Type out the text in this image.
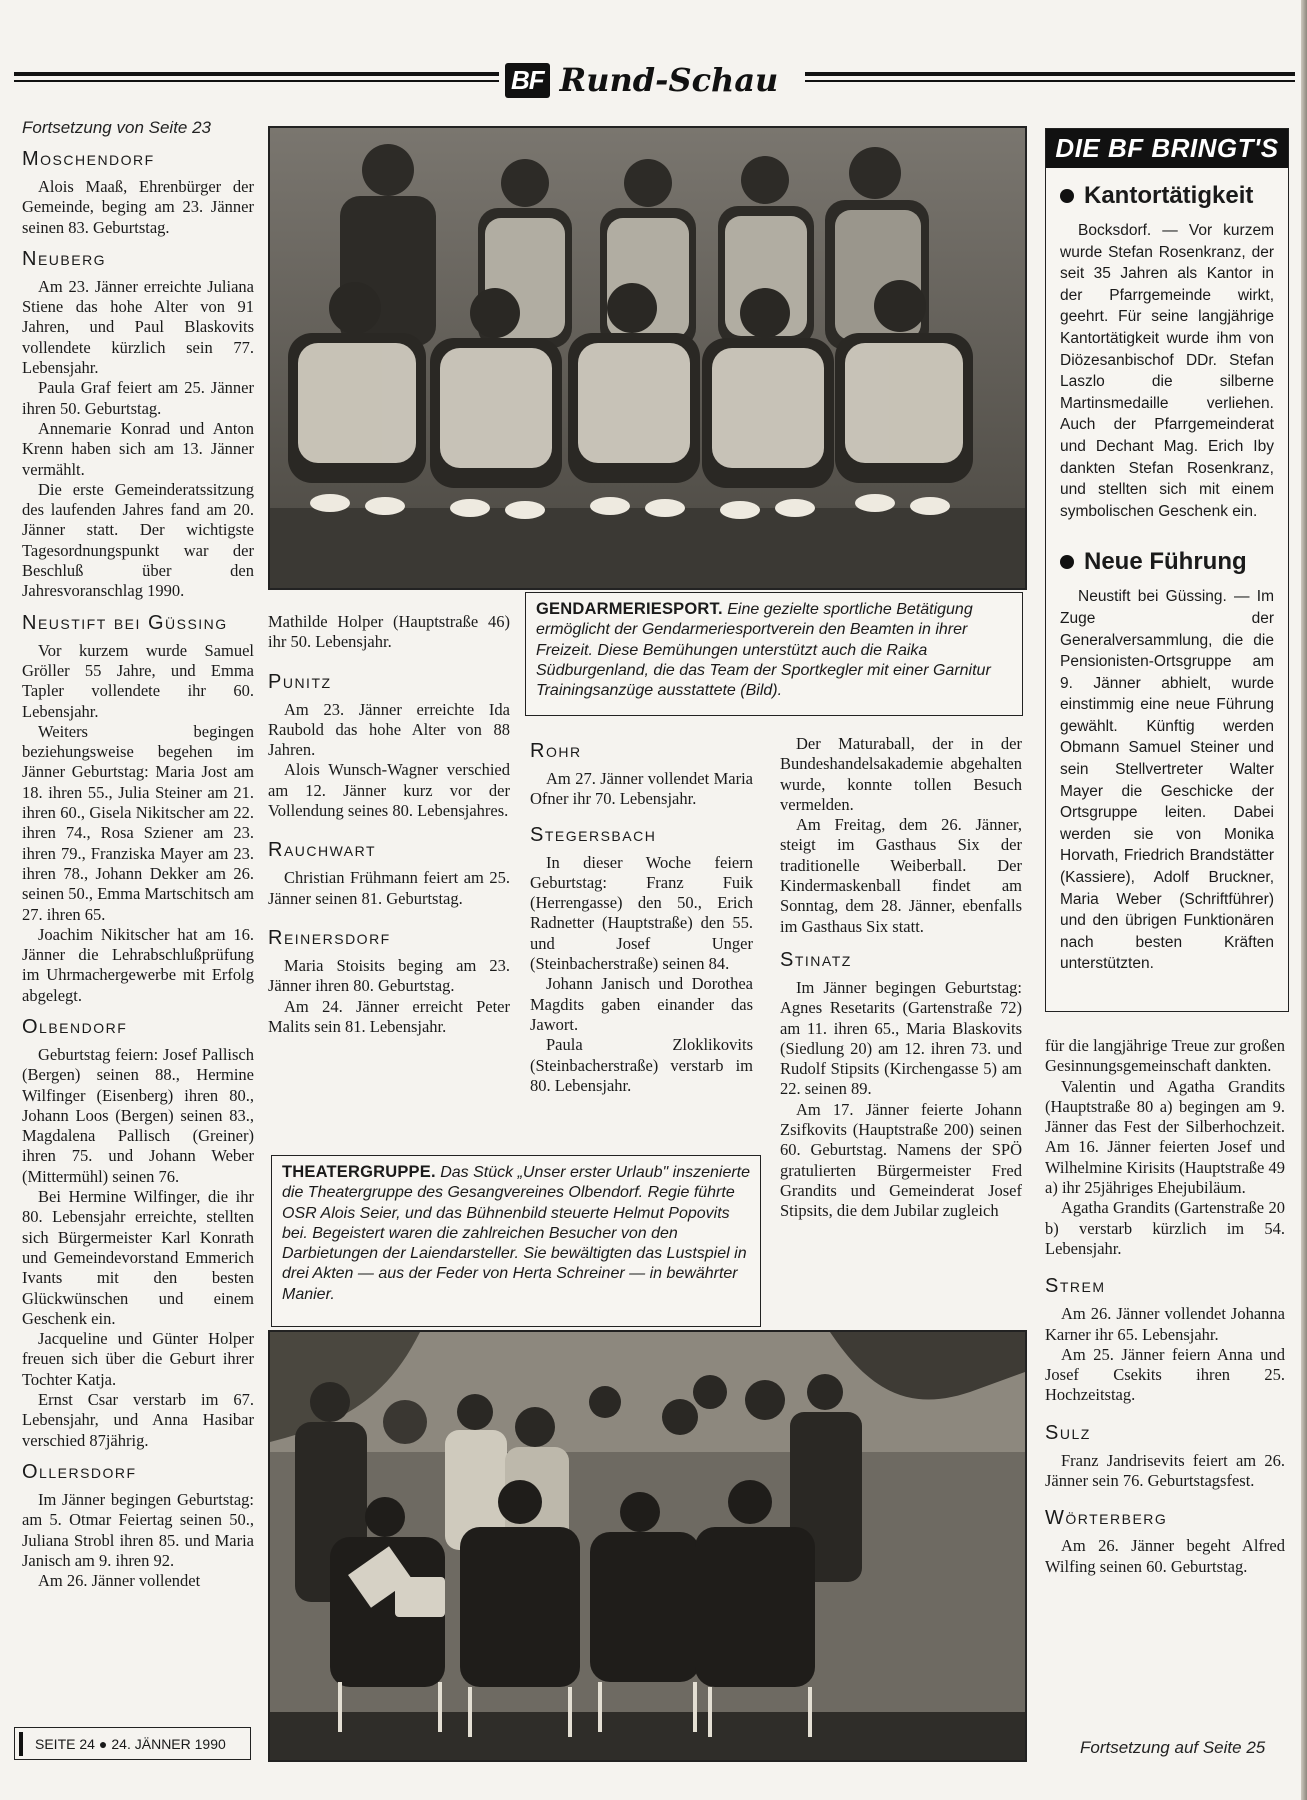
BF Rund-Schau
Fortsetzung von Seite 23
Moschendorf

Alois Maaß, Ehrenbürger der Gemeinde, beging am 23. Jänner seinen 83. Geburtstag.

Neuberg

Am 23. Jänner erreichte Juliana Stiene das hohe Alter von 91 Jahren, und Paul Blaskovits vollendete kürzlich sein 77. Lebensjahr.

Paula Graf feiert am 25. Jänner ihren 50. Geburtstag.

Annemarie Konrad und Anton Krenn haben sich am 13. Jänner vermählt.

Die erste Gemeinderatssitzung des laufenden Jahres fand am 20. Jänner statt. Der wichtigste Tagesordnungspunkt war der Beschluß über den Jahresvoranschlag 1990.

Neustift bei Güssing

Vor kurzem wurde Samuel Gröller 55 Jahre, und Emma Tapler vollendete ihr 60. Lebensjahr.

Weiters begingen beziehungsweise begehen im Jänner Geburtstag: Maria Jost am 18. ihren 55., Julia Steiner am 21. ihren 60., Gisela Nikitscher am 22. ihren 74., Rosa Sziener am 23. ihren 79., Franziska Mayer am 23. ihren 78., Johann Dekker am 26. seinen 50., Emma Martschitsch am 27. ihren 65.

Joachim Nikitscher hat am 16. Jänner die Lehrabschlußprüfung im Uhrmachergewerbe mit Erfolg abgelegt.

Olbendorf

Geburtstag feiern: Josef Pallisch (Bergen) seinen 88., Hermine Wilfinger (Eisenberg) ihren 80., Johann Loos (Bergen) seinen 83., Magdalena Pallisch (Greiner) ihren 75. und Johann Weber (Mittermühl) seinen 76.

Bei Hermine Wilfinger, die ihr 80. Lebensjahr erreichte, stellten sich Bürgermeister Karl Konrath und Gemeindevorstand Emmerich Ivants mit den besten Glückwünschen und einem Geschenk ein.

Jacqueline und Günter Holper freuen sich über die Geburt ihrer Tochter Katja.

Ernst Csar verstarb im 67. Lebensjahr, und Anna Hasibar verschied 87jährig.

Ollersdorf

Im Jänner begingen Geburtstag: am 5. Otmar Feiertag seinen 50., Juliana Strobl ihren 85. und Maria Janisch am 9. ihren 92.

Am 26. Jänner vollendet

Mathilde Holper (Hauptstraße 46) ihr 50. Lebensjahr.

Punitz

Am 23. Jänner erreichte Ida Raubold das hohe Alter von 88 Jahren.

Alois Wunsch-Wagner verschied am 12. Jänner kurz vor der Vollendung seines 80. Lebensjahres.

Rauchwart

Christian Frühmann feiert am 25. Jänner seinen 81. Geburtstag.

Reinersdorf

Maria Stoisits beging am 23. Jänner ihren 80. Geburtstag.

Am 24. Jänner erreicht Peter Malits sein 81. Lebensjahr.

GENDARMERIESPORT. Eine gezielte sportliche Betätigung ermöglicht der Gendarmeriesportverein den Beamten in ihrer Freizeit. Diese Bemühungen unterstützt auch die Raika Südburgenland, die das Team der Sportkegler mit einer Garnitur Trainingsanzüge ausstattete (Bild).
Rohr

Am 27. Jänner vollendet Maria Ofner ihr 70. Lebensjahr.

Stegersbach

In dieser Woche feiern Geburtstag: Franz Fuik (Herrengasse) den 50., Erich Radnetter (Hauptstraße) den 55. und Josef Unger (Steinbacherstraße) seinen 84.

Johann Janisch und Dorothea Magdits gaben einander das Jawort.

Paula Zloklikovits (Steinbacherstraße) verstarb im 80. Lebensjahr.

Der Maturaball, der in der Bundeshandelsakademie abgehalten wurde, konnte tollen Besuch vermelden.

Am Freitag, dem 26. Jänner, steigt im Gasthaus Six der traditionelle Weiberball. Der Kindermaskenball findet am Sonntag, dem 28. Jänner, ebenfalls im Gasthaus Six statt.

Stinatz

Im Jänner begingen Geburtstag: Agnes Resetarits (Gartenstraße 72) am 11. ihren 65., Maria Blaskovits (Siedlung 20) am 12. ihren 73. und Rudolf Stipsits (Kirchengasse 5) am 22. seinen 89.

Am 17. Jänner feierte Johann Zsifkovits (Hauptstraße 200) seinen 60. Geburtstag. Namens der SPÖ gratulierten Bürgermeister Fred Grandits und Gemeinderat Josef Stipsits, die dem Jubilar zugleich

THEATERGRUPPE. Das Stück „Unser erster Urlaub" inszenierte die Theatergruppe des Gesangvereines Olbendorf. Regie führte OSR Alois Seier, und das Bühnenbild steuerte Helmut Popovits bei. Begeistert waren die zahlreichen Besucher von den Darbietungen der Laiendarsteller. Sie bewältigten das Lustspiel in drei Akten — aus der Feder von Herta Schreiner — in bewährter Manier.
DIE BF BRINGT'S
Kantortätigkeit

Bocksdorf. — Vor kurzem wurde Stefan Rosenkranz, der seit 35 Jahren als Kantor in der Pfarrgemeinde wirkt, geehrt. Für seine langjährige Kantortätigkeit wurde ihm von Diözesanbischof DDr. Stefan Laszlo die silberne Martinsmedaille verliehen. Auch der Pfarrgemeinderat und Dechant Mag. Erich Iby dankten Stefan Rosenkranz, und stellten sich mit einem symbolischen Geschenk ein.

Neue Führung

Neustift bei Güssing. — Im Zuge der Generalversammlung, die die Pensionisten-Ortsgruppe am 9. Jänner abhielt, wurde einstimmig eine neue Führung gewählt. Künftig werden Obmann Samuel Steiner und sein Stellvertreter Walter Mayer die Geschicke der Ortsgruppe leiten. Dabei werden sie von Monika Horvath, Friedrich Brandstätter (Kassiere), Adolf Bruckner, Maria Weber (Schriftführer) und den übrigen Funktionären nach besten Kräften unterstützten.

für die langjährige Treue zur großen Gesinnungsgemeinschaft dankten.

Valentin und Agatha Grandits (Hauptstraße 80 a) begingen am 9. Jänner das Fest der Silberhochzeit. Am 16. Jänner feierten Josef und Wilhelmine Kirisits (Hauptstraße 49 a) ihr 25jähriges Ehejubiläum.

Agatha Grandits (Gartenstraße 20 b) verstarb kürzlich im 54. Lebensjahr.

Strem

Am 26. Jänner vollendet Johanna Karner ihr 65. Lebensjahr.

Am 25. Jänner feiern Anna und Josef Csekits ihren 25. Hochzeitstag.

Sulz

Franz Jandrisevits feiert am 26. Jänner sein 76. Geburtstagsfest.

Wörterberg

Am 26. Jänner begeht Alfred Wilfing seinen 60. Geburtstag.

Fortsetzung auf Seite 25
SEITE 24 ● 24. JÄNNER 1990
